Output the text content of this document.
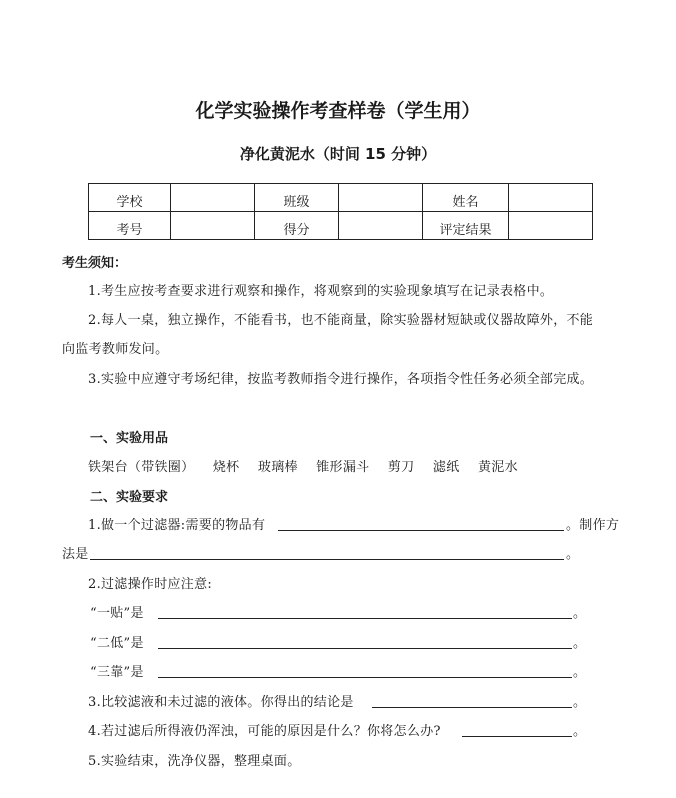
化学实验操作考查样卷（学生用）
净化黄泥水（时间 15 分钟）
学校		班级		姓名	
考号		得分		评定结果	
考生须知：
1.考生应按考查要求进行观察和操作，将观察到的实验现象填写在记录表格中。
2.每人一桌，独立操作，不能看书，也不能商量，除实验器材短缺或仪器故障外，不能
向监考教师发问。
3.实验中应遵守考场纪律，按监考教师指令进行操作，各项指令性任务必须全部完成。
一、实验用品
铁架台（带铁圈） 烧杯 玻璃棒 锥形漏斗 剪刀 滤纸 黄泥水
二、实验要求
1.做一个过滤器:需要的物品有	。制作方
法是	。
2.过滤操作时应注意:
“一贴”是	。
“二低”是	。
“三靠”是	。
3.比较滤液和未过滤的液体。你得出的结论是	。
4.若过滤后所得液仍浑浊，可能的原因是什么？你将怎么办?	。
5.实验结束，洗净仪器，整理桌面。
